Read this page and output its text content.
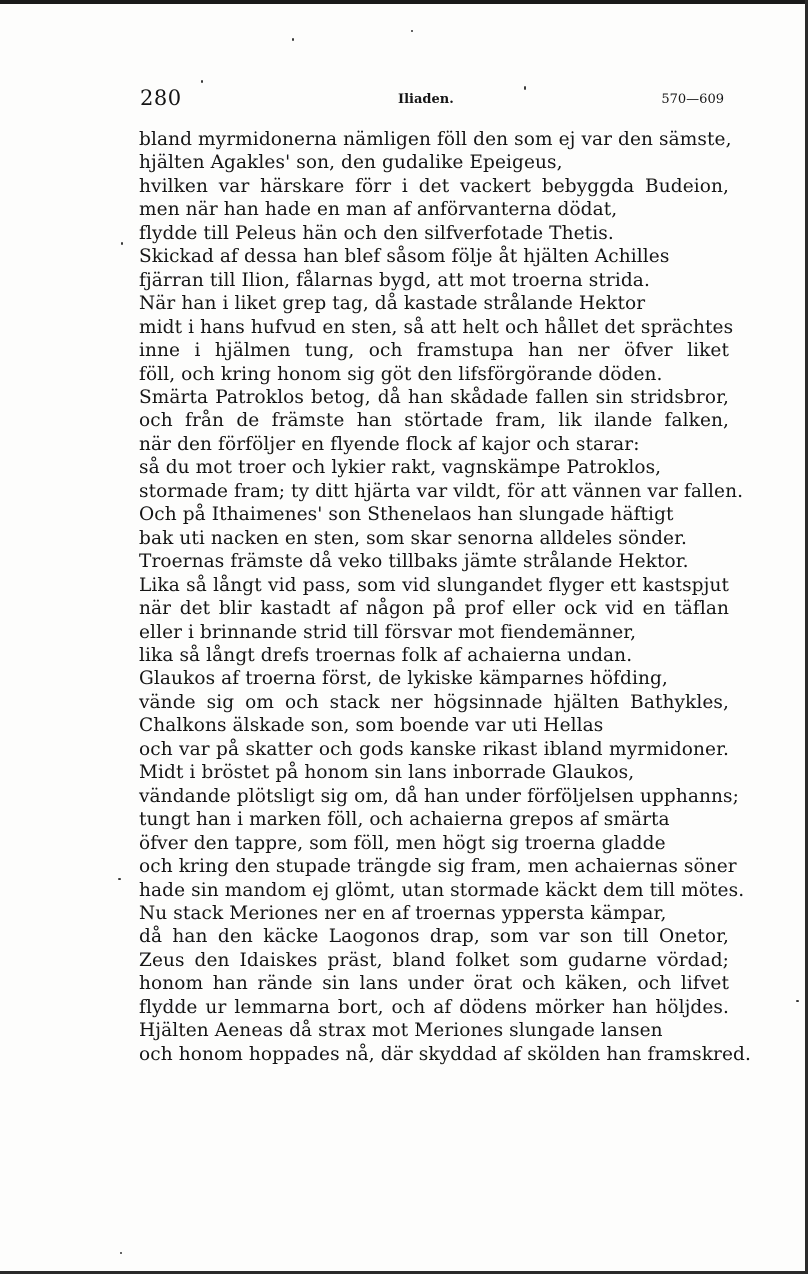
280	Iliaden.	570—609
bland myrmidonerna nämligen föll den som ej var den sämste,
hjälten Agakles' son, den gudalike Epeigeus,
hvilken var härskare förr i det vackert bebyggda Budeion,
men när han hade en man af anförvanterna dödat,
flydde till Peleus hän och den silfverfotade Thetis.
Skickad af dessa han blef såsom följe åt hjälten Achilles
fjärran till Ilion, fålarnas bygd, att mot troerna strida.
När han i liket grep tag, då kastade strålande Hektor
midt i hans hufvud en sten, så att helt och hållet det sprächtes
inne i hjälmen tung, och framstupa han ner öfver liket
föll, och kring honom sig göt den lifsförgörande döden.
Smärta Patroklos betog, då han skådade fallen sin stridsbror,
och från de främste han störtade fram, lik ilande falken,
när den förföljer en flyende flock af kajor och starar:
så du mot troer och lykier rakt, vagnskämpe Patroklos,
stormade fram; ty ditt hjärta var vildt, för att vännen var fallen.
Och på Ithaimenes' son Sthenelaos han slungade häftigt
bak uti nacken en sten, som skar senorna alldeles sönder.
Troernas främste då veko tillbaks jämte strålande Hektor.
Lika så långt vid pass, som vid slungandet flyger ett kastspjut
när det blir kastadt af någon på prof eller ock vid en täflan
eller i brinnande strid till försvar mot fiendemänner,
lika så långt drefs troernas folk af achaierna undan.
Glaukos af troerna först, de lykiske kämparnes höfding,
vände sig om och stack ner högsinnade hjälten Bathykles,
Chalkons älskade son, som boende var uti Hellas
och var på skatter och gods kanske rikast ibland myrmidoner.
Midt i bröstet på honom sin lans inborrade Glaukos,
vändande plötsligt sig om, då han under förföljelsen upphanns;
tungt han i marken föll, och achaierna grepos af smärta
öfver den tappre, som föll, men högt sig troerna gladde
och kring den stupade trängde sig fram, men achaiernas söner
hade sin mandom ej glömt, utan stormade käckt dem till mötes.
Nu stack Meriones ner en af troernas yppersta kämpar,
då han den käcke Laogonos drap, som var son till Onetor,
Zeus den Idaiskes präst, bland folket som gudarne vördad;
honom han rände sin lans under örat och käken, och lifvet
flydde ur lemmarna bort, och af dödens mörker han höljdes.
Hjälten Aeneas då strax mot Meriones slungade lansen
och honom hoppades nå, där skyddad af skölden han framskred.
